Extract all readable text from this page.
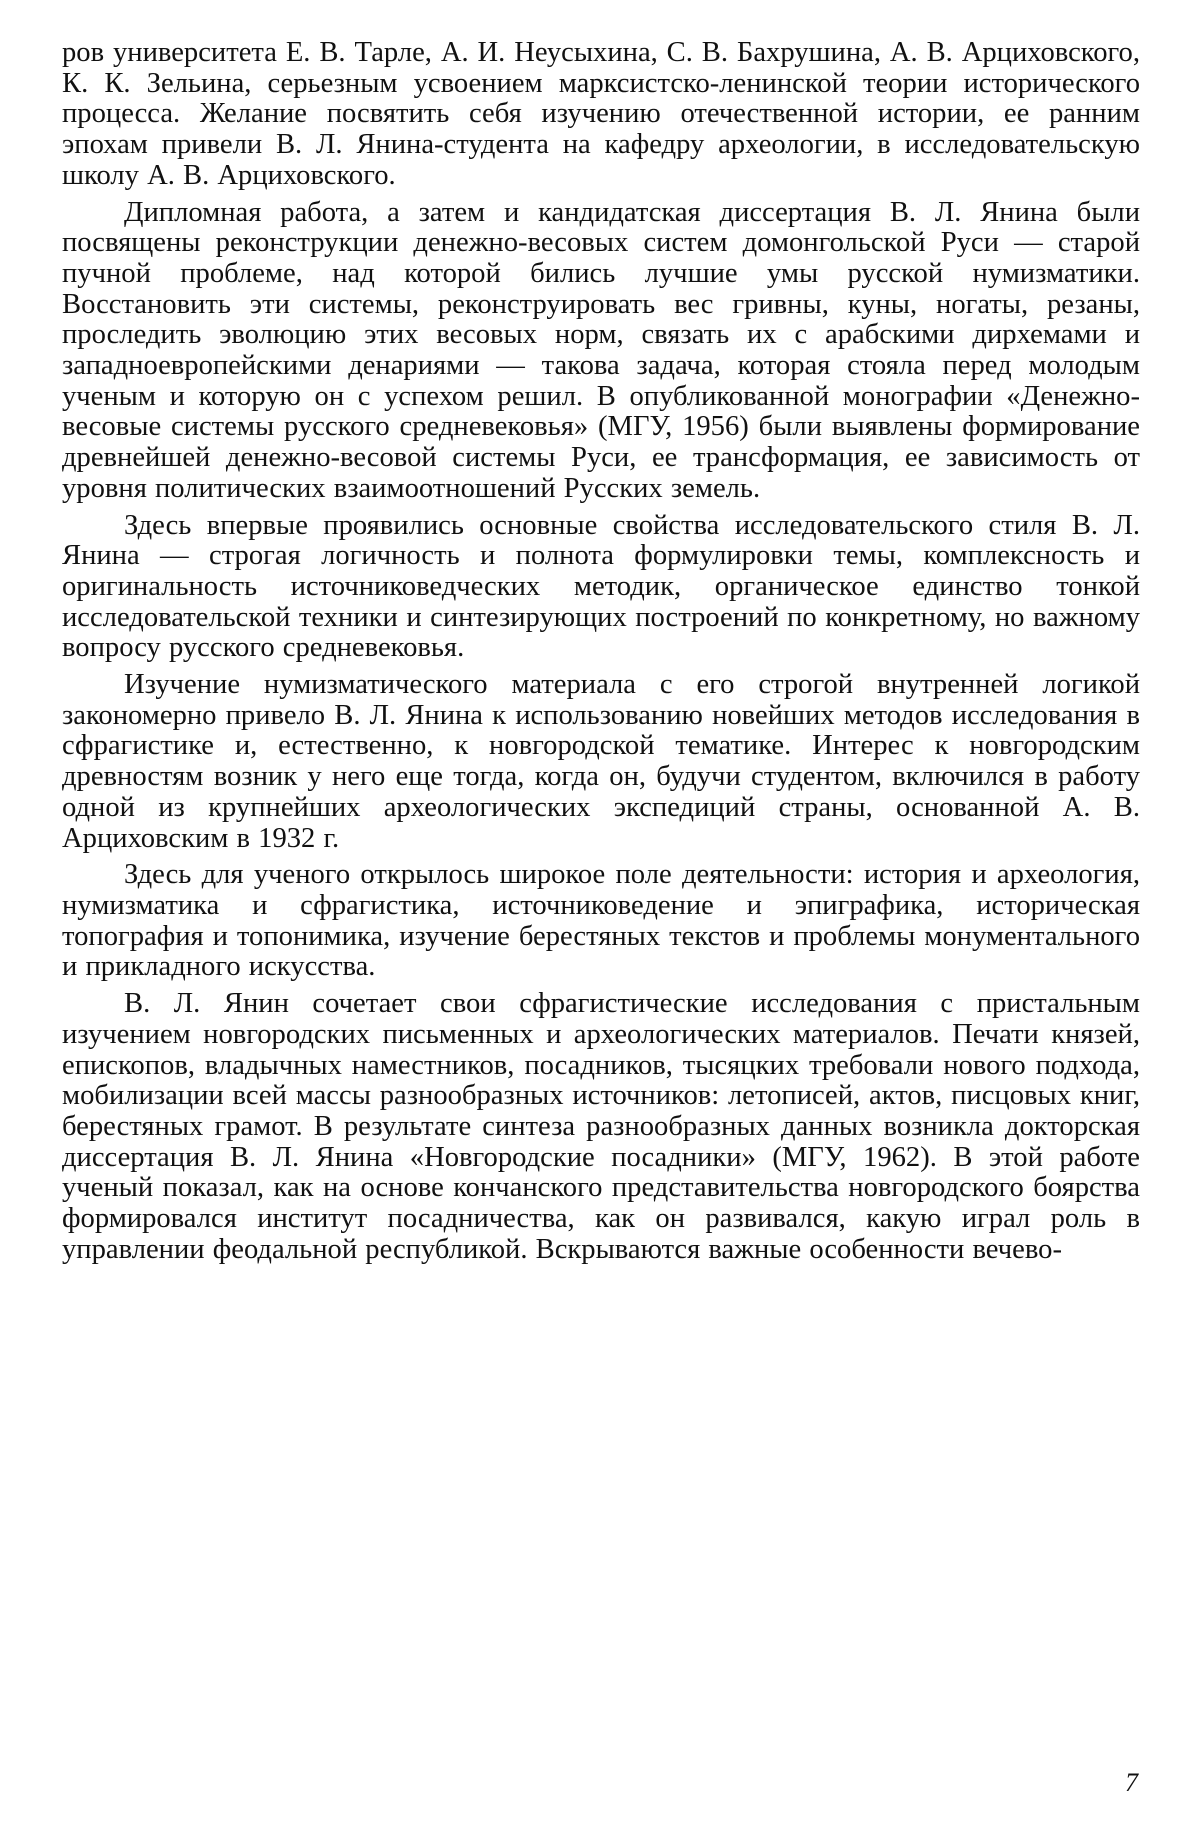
ров университета Е. В. Тарле, А. И. Неусыхина, С. В. Бахрушина, А. В. Арциховского, К. К. Зельина, серьезным усвоением марксистско-ленинской теории исторического процесса. Желание посвятить себя изучению отечественной истории, ее ранним эпохам привели В. Л. Янина-студента на кафедру археологии, в исследовательскую школу А. В. Арциховского.

Дипломная работа, а затем и кандидатская диссертация В. Л. Янина были посвящены реконструкции денежно-весовых систем домонгольской Руси — старой пучной проблеме, над которой бились лучшие умы русской нумизматики. Восстановить эти системы, реконструировать вес гривны, куны, ногаты, резаны, проследить эволюцию этих весовых норм, связать их с арабскими дирхемами и западноевропейскими денариями — такова задача, которая стояла перед молодым ученым и которую он с успехом решил. В опубликованной монографии «Денежно-весовые системы русского средневековья» (МГУ, 1956) были выявлены формирование древнейшей денежно-весовой системы Руси, ее трансформация, ее зависимость от уровня политических взаимоотношений Русских земель.

Здесь впервые проявились основные свойства исследовательского стиля В. Л. Янина — строгая логичность и полнота формулировки темы, комплексность и оригинальность источниковедческих методик, органическое единство тонкой исследовательской техники и синтезирующих построений по конкретному, но важному вопросу русского средневековья.

Изучение нумизматического материала с его строгой внутренней логикой закономерно привело В. Л. Янина к использованию новейших методов исследования в сфрагистике и, естественно, к новгородской тематике. Интерес к новгородским древностям возник у него еще тогда, когда он, будучи студентом, включился в работу одной из крупнейших археологических экспедиций страны, основанной А. В. Арциховским в 1932 г.

Здесь для ученого открылось широкое поле деятельности: история и археология, нумизматика и сфрагистика, источниковедение и эпиграфика, историческая топография и топонимика, изучение берестяных текстов и проблемы монументального и прикладного искусства.

В. Л. Янин сочетает свои сфрагистические исследования с пристальным изучением новгородских письменных и археологических материалов. Печати князей, епископов, владычных наместников, посадников, тысяцких требовали нового подхода, мобилизации всей массы разнообразных источников: летописей, актов, писцовых книг, берестяных грамот. В результате синтеза разнообразных данных возникла докторская диссертация В. Л. Янина «Новгородские посадники» (МГУ, 1962). В этой работе ученый показал, как на основе кончанского представительства новгородского боярства формировался институт посадничества, как он развивался, какую играл роль в управлении феодальной республикой. Вскрываются важные особенности вечево-

7
